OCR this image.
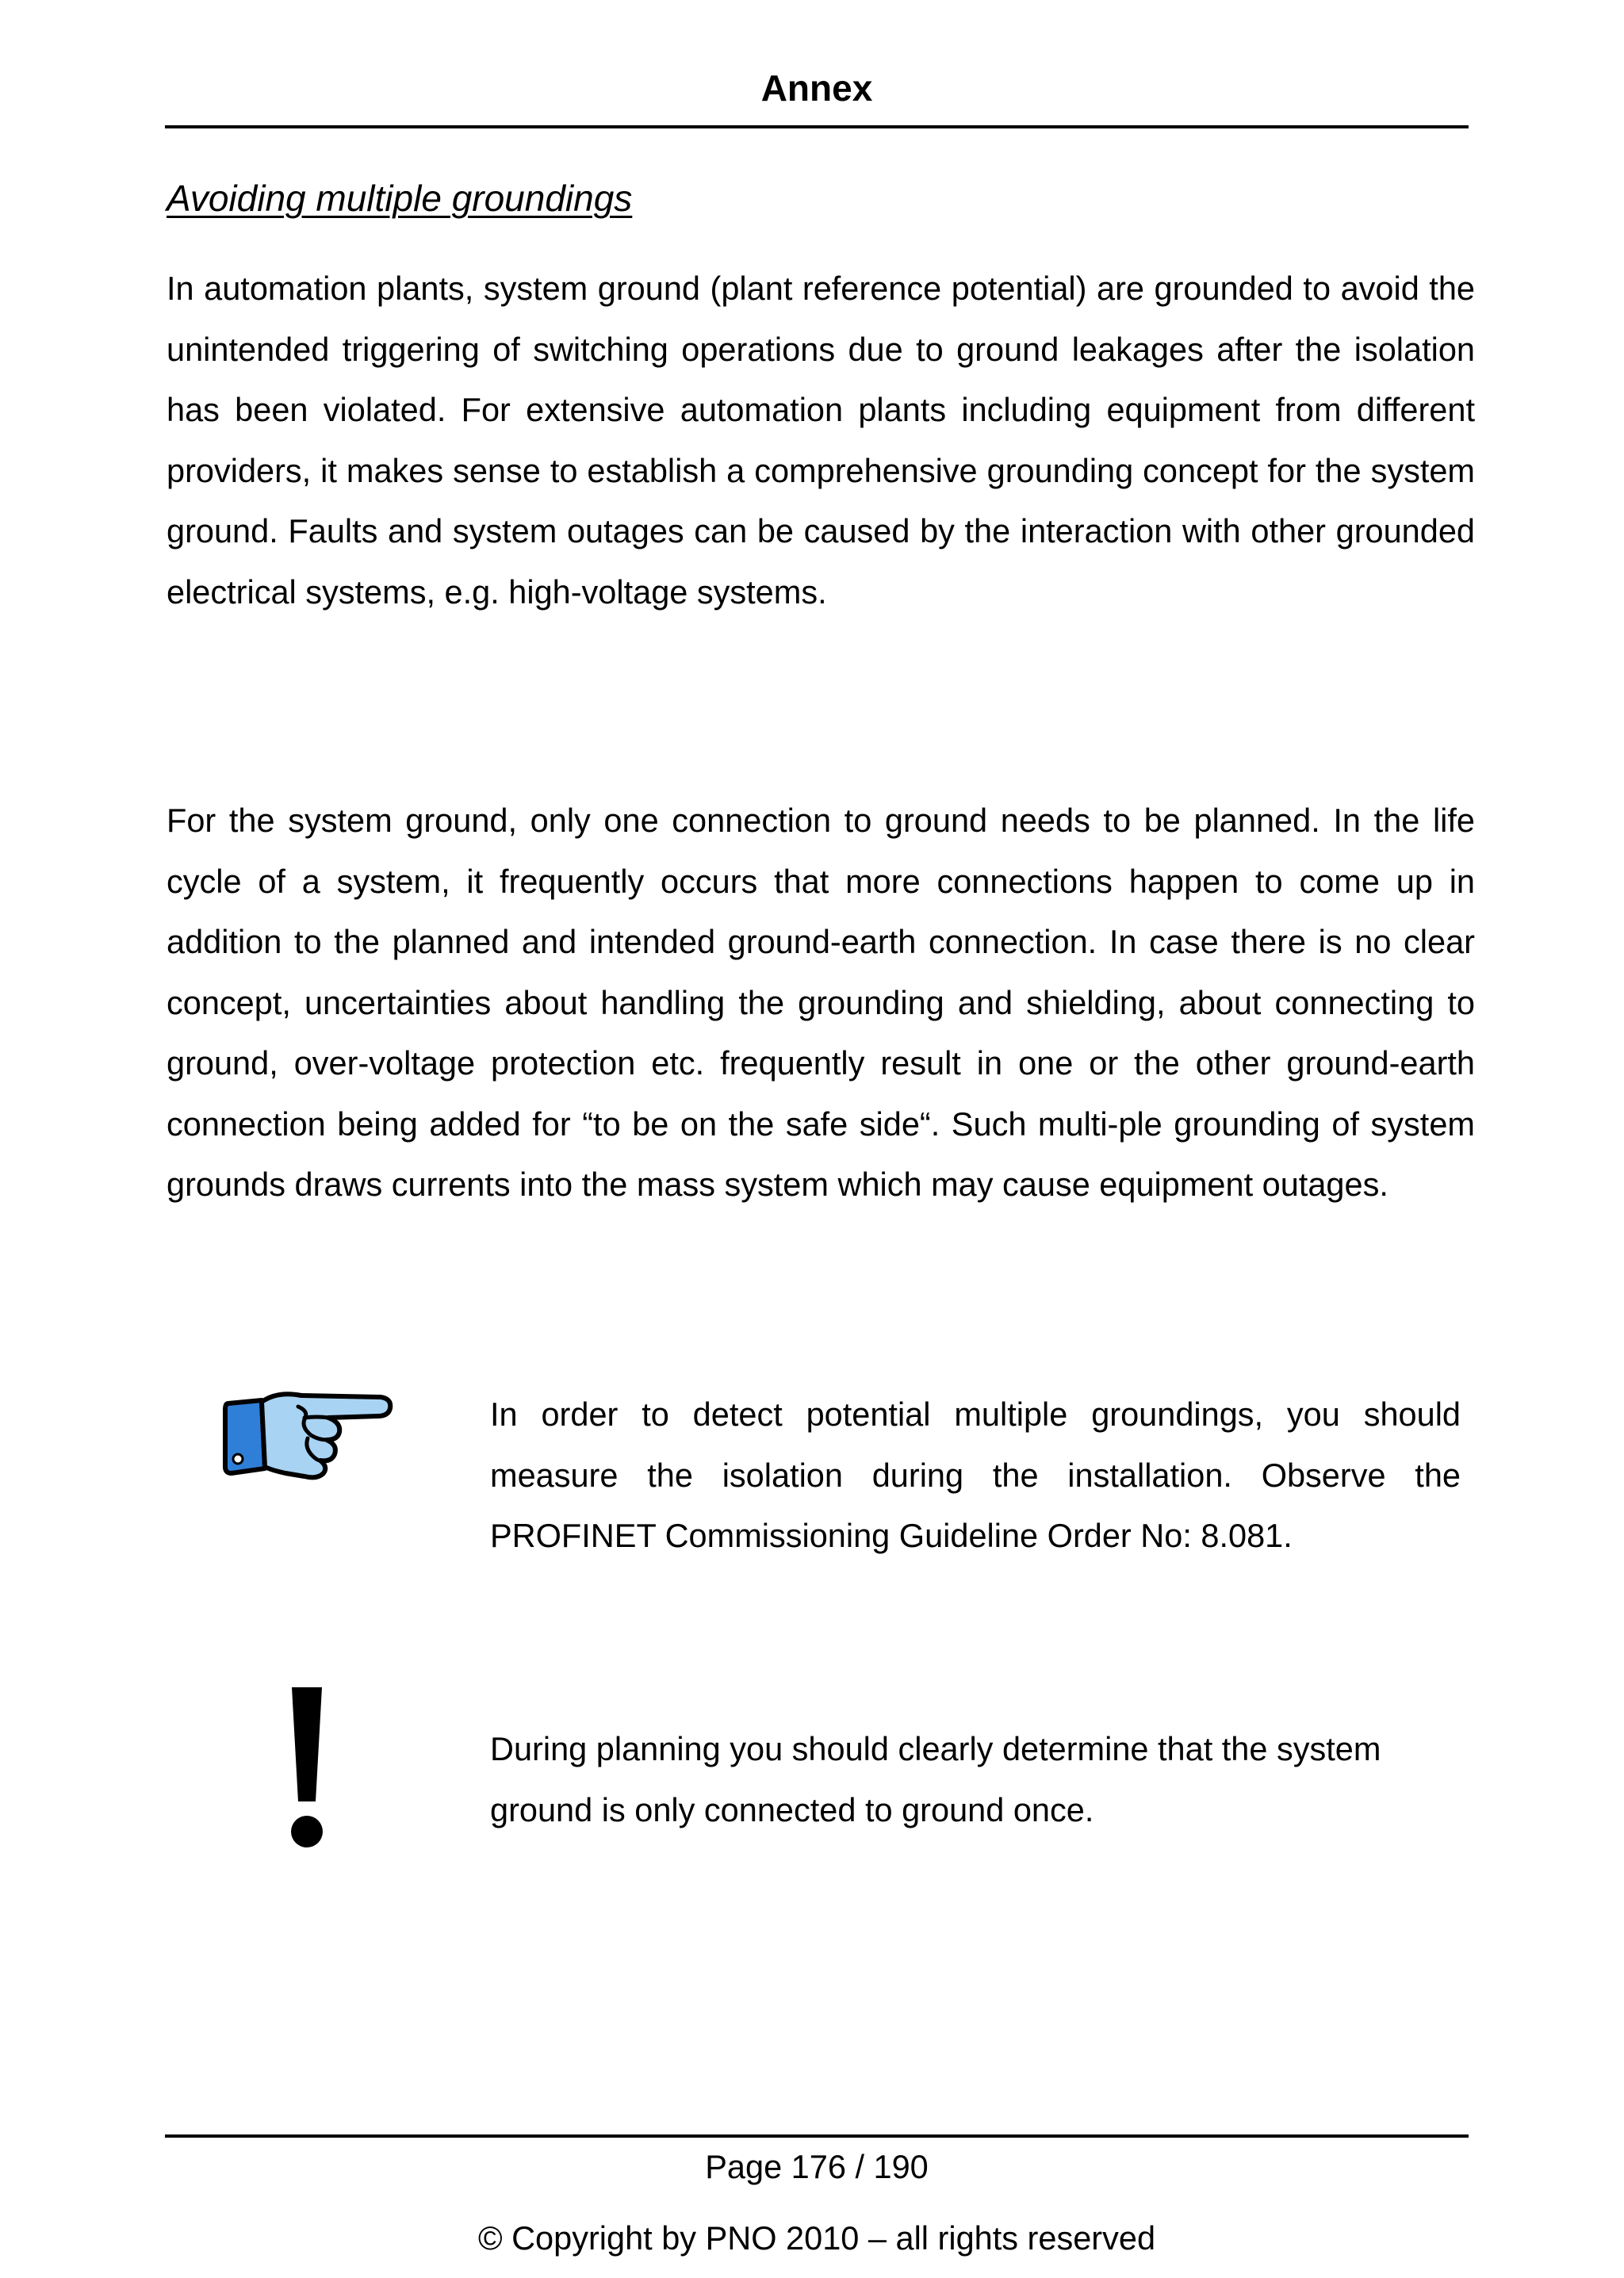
Annex
Avoiding multiple groundings

In automation plants, system ground (plant reference potential) are grounded to avoid the unintended triggering of switching operations due to ground leakages after the isolation has been violated. For extensive automation plants including equipment from different providers, it makes sense to establish a comprehensive grounding concept for the system ground. Faults and system outages can be caused by the interaction with other grounded electrical systems, e.g. high-voltage systems.

For the system ground, only one connection to ground needs to be planned. In the life cycle of a system, it frequently occurs that more connections happen to come up in addition to the planned and intended ground-earth connection. In case there is no clear concept, uncertainties about handling the grounding and shielding, about connecting to ground, over-voltage protection etc. frequently result in one or the other ground-earth connection being added for “to be on the safe side“. Such multi-ple grounding of system grounds draws currents into the mass system which may cause equipment outages.

In order to detect potential multiple groundings, you should measure the isolation during the installation. Observe the PROFINET Commissioning Guideline Order No: 8.081.

During planning you should clearly determine that the system ground is only connected to ground once.

Page 176 / 190
© Copyright by PNO 2010 – all rights reserved
